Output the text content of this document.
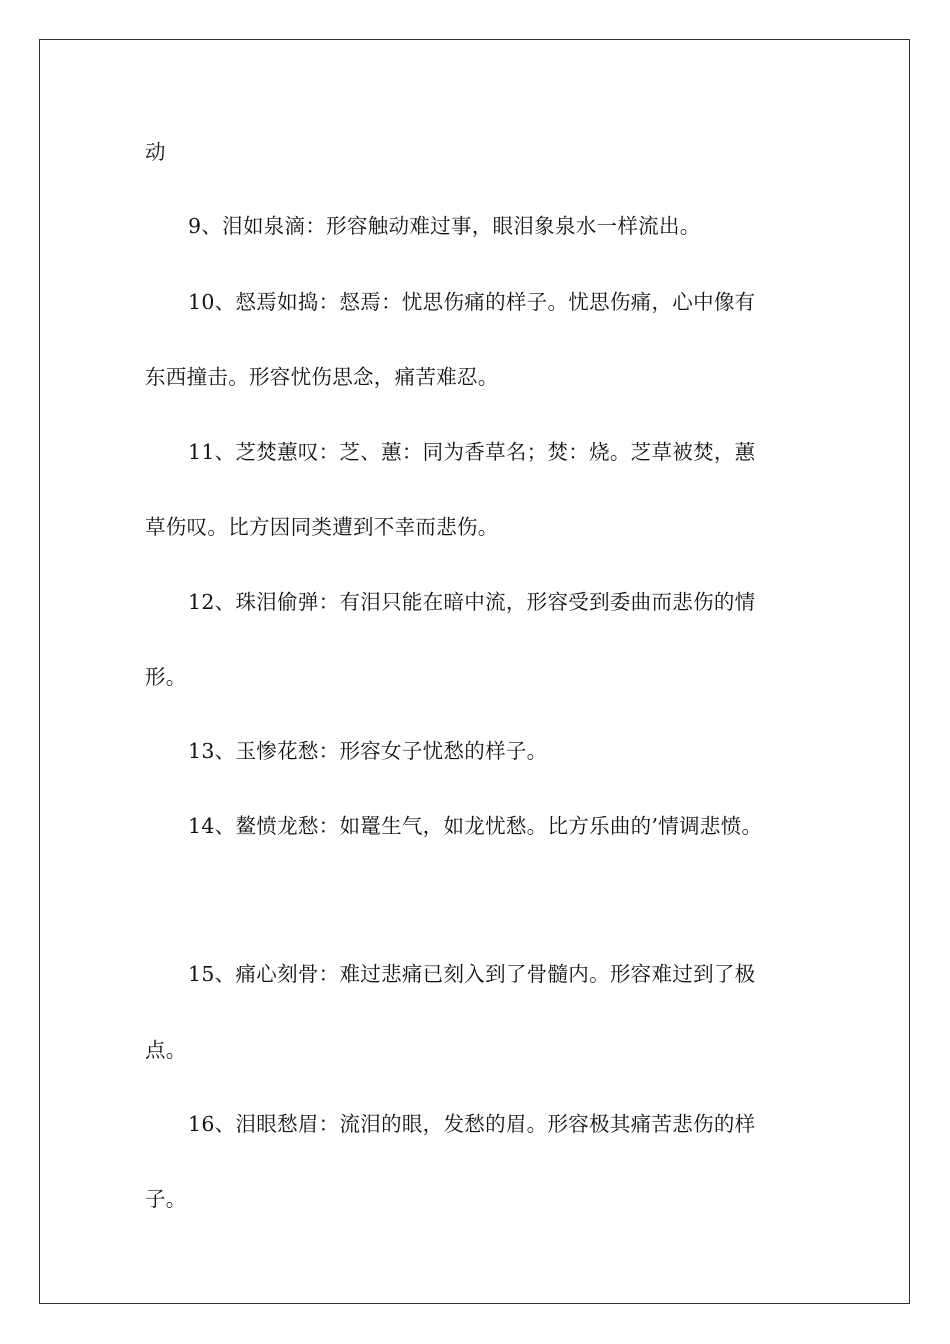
动
9、泪如泉滴：形容触动难过事，眼泪象泉水一样流出。
10、惄焉如捣：惄焉：忧思伤痛的样子。忧思伤痛，心中像有
东西撞击。形容忧伤思念，痛苦难忍。
11、芝焚蕙叹：芝、蕙：同为香草名；焚：烧。芝草被焚，蕙
草伤叹。比方因同类遭到不幸而悲伤。
12、珠泪偷弹：有泪只能在暗中流，形容受到委曲而悲伤的情
形。
13、玉惨花愁：形容女子忧愁的样子。
14、鳌愤龙愁：如鼍生气，如龙忧愁。比方乐曲的’情调悲愤。
15、痛心刻骨：难过悲痛已刻入到了骨髓内。形容难过到了极
点。
16、泪眼愁眉：流泪的眼，发愁的眉。形容极其痛苦悲伤的样
子。
